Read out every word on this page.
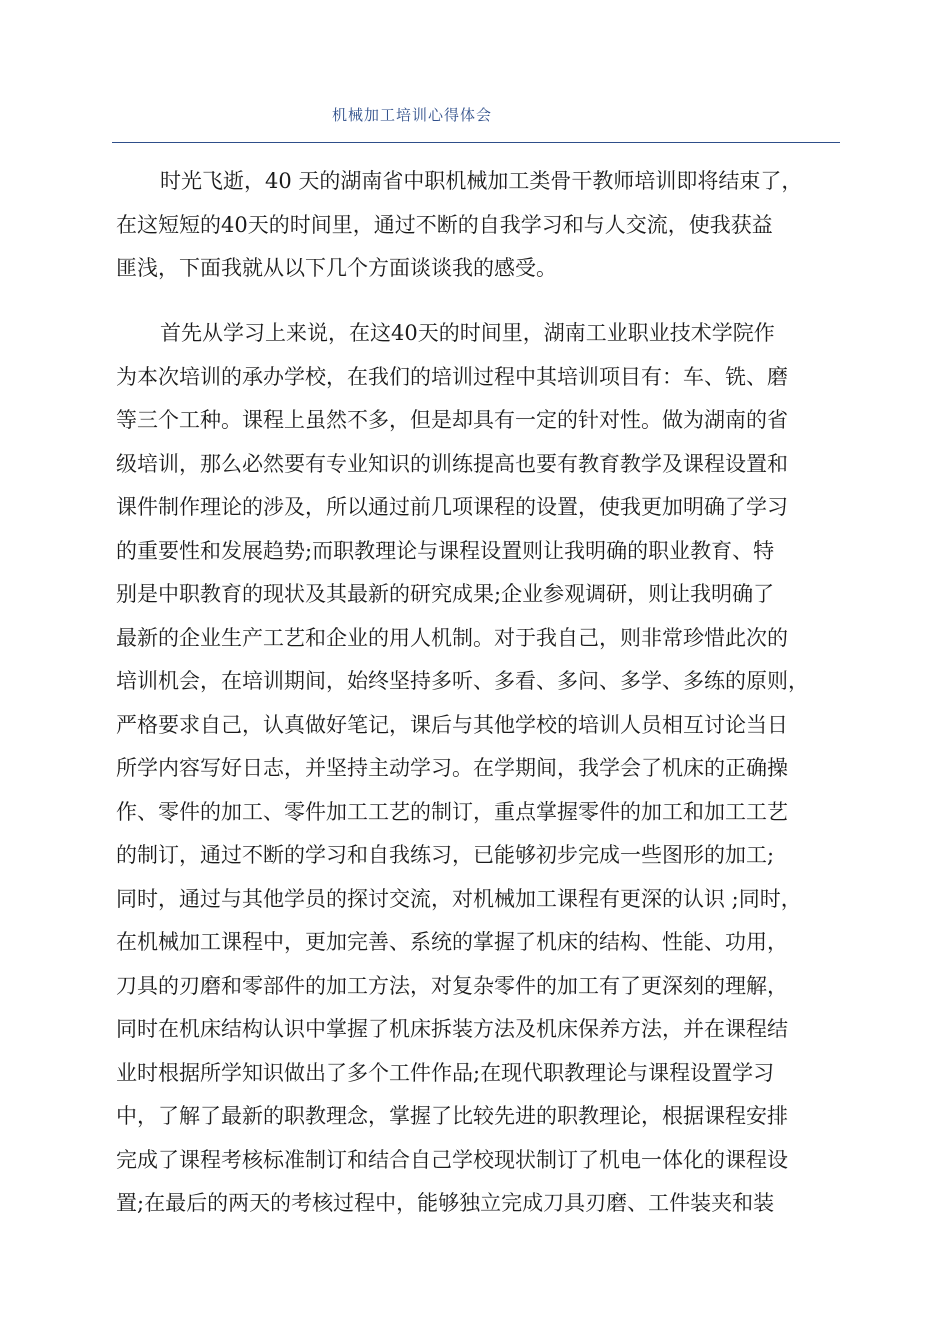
机械加工培训心得体会
时光飞逝，40 天的湖南省中职机械加工类骨干教师培训即将结束了，
在这短短的40天的时间里，通过不断的自我学习和与人交流，使我获益
匪浅，下面我就从以下几个方面谈谈我的感受。
首先从学习上来说，在这40天的时间里，湖南工业职业技术学院作
为本次培训的承办学校，在我们的培训过程中其培训项目有：车、铣、磨
等三个工种。课程上虽然不多，但是却具有一定的针对性。做为湖南的省
级培训，那么必然要有专业知识的训练提高也要有教育教学及课程设置和
课件制作理论的涉及，所以通过前几项课程的设置，使我更加明确了学习
的重要性和发展趋势;而职教理论与课程设置则让我明确的职业教育、特
别是中职教育的现状及其最新的研究成果;企业参观调研，则让我明确了
最新的企业生产工艺和企业的用人机制。对于我自己，则非常珍惜此次的
培训机会，在培训期间，始终坚持多听、多看、多问、多学、多练的原则，
严格要求自己，认真做好笔记，课后与其他学校的培训人员相互讨论当日
所学内容写好日志，并坚持主动学习。在学期间，我学会了机床的正确操
作、零件的加工、零件加工工艺的制订，重点掌握零件的加工和加工工艺
的制订，通过不断的学习和自我练习，已能够初步完成一些图形的加工;
同时，通过与其他学员的探讨交流，对机械加工课程有更深的认识 ;同时，
在机械加工课程中，更加完善、系统的掌握了机床的结构、性能、功用，
刀具的刃磨和零部件的加工方法，对复杂零件的加工有了更深刻的理解，
同时在机床结构认识中掌握了机床拆装方法及机床保养方法，并在课程结
业时根据所学知识做出了多个工件作品;在现代职教理论与课程设置学习
中，了解了最新的职教理念，掌握了比较先进的职教理论，根据课程安排
完成了课程考核标准制订和结合自己学校现状制订了机电一体化的课程设
置;在最后的两天的考核过程中，能够独立完成刀具刃磨、工件装夹和装
